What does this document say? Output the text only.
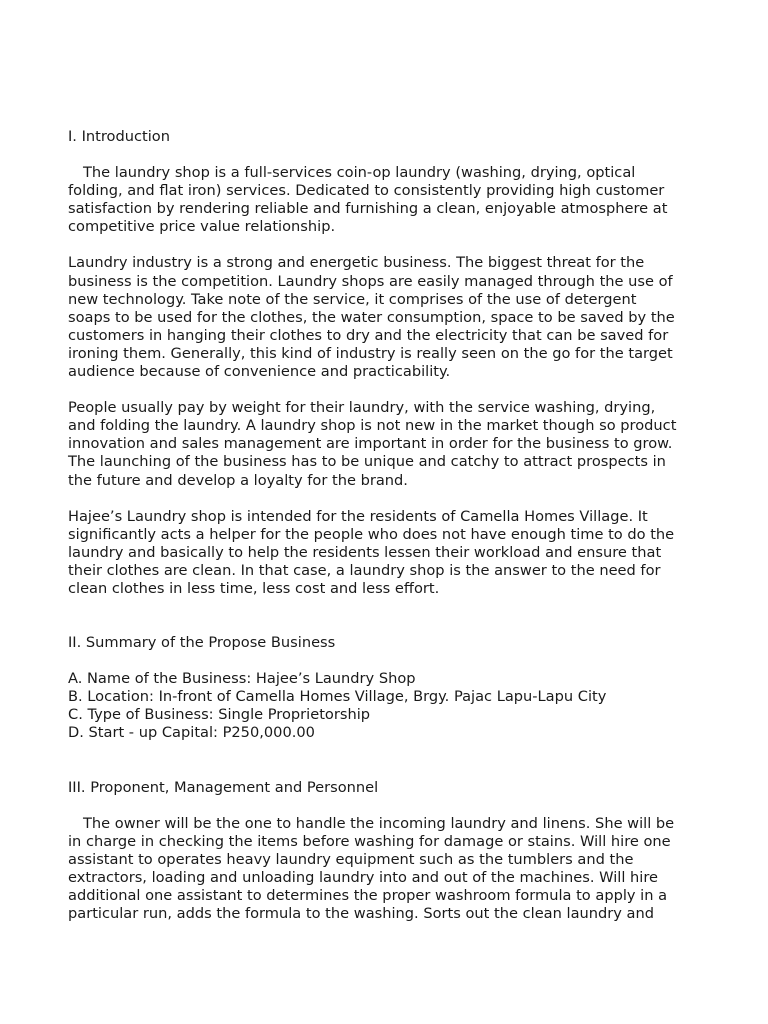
I. Introduction

The laundry shop is a full-services coin-op laundry (washing, drying, optical
folding, and flat iron) services. Dedicated to consistently providing high customer
satisfaction by rendering reliable and furnishing a clean, enjoyable atmosphere at
competitive price value relationship.

Laundry industry is a strong and energetic business. The biggest threat for the
business is the competition. Laundry shops are easily managed through the use of
new technology. Take note of the service, it comprises of the use of detergent
soaps to be used for the clothes, the water consumption, space to be saved by the
customers in hanging their clothes to dry and the electricity that can be saved for
ironing them. Generally, this kind of industry is really seen on the go for the target
audience because of convenience and practicability.

People usually pay by weight for their laundry, with the service washing, drying,
and folding the laundry. A laundry shop is not new in the market though so product
innovation and sales management are important in order for the business to grow.
The launching of the business has to be unique and catchy to attract prospects in
the future and develop a loyalty for the brand.

Hajee’s Laundry shop is intended for the residents of Camella Homes Village. It
significantly acts a helper for the people who does not have enough time to do the
laundry and basically to help the residents lessen their workload and ensure that
their clothes are clean. In that case, a laundry shop is the answer to the need for
clean clothes in less time, less cost and less effort.

II. Summary of the Propose Business

A. Name of the Business: Hajee’s Laundry Shop

B. Location: In-front of Camella Homes Village, Brgy. Pajac Lapu-Lapu City

C. Type of Business: Single Proprietorship

D. Start - up Capital: P250,000.00

III. Proponent, Management and Personnel

The owner will be the one to handle the incoming laundry and linens. She will be
in charge in checking the items before washing for damage or stains. Will hire one
assistant to operates heavy laundry equipment such as the tumblers and the
extractors, loading and unloading laundry into and out of the machines. Will hire
additional one assistant to determines the proper washroom formula to apply in a
particular run, adds the formula to the washing. Sorts out the clean laundry and
